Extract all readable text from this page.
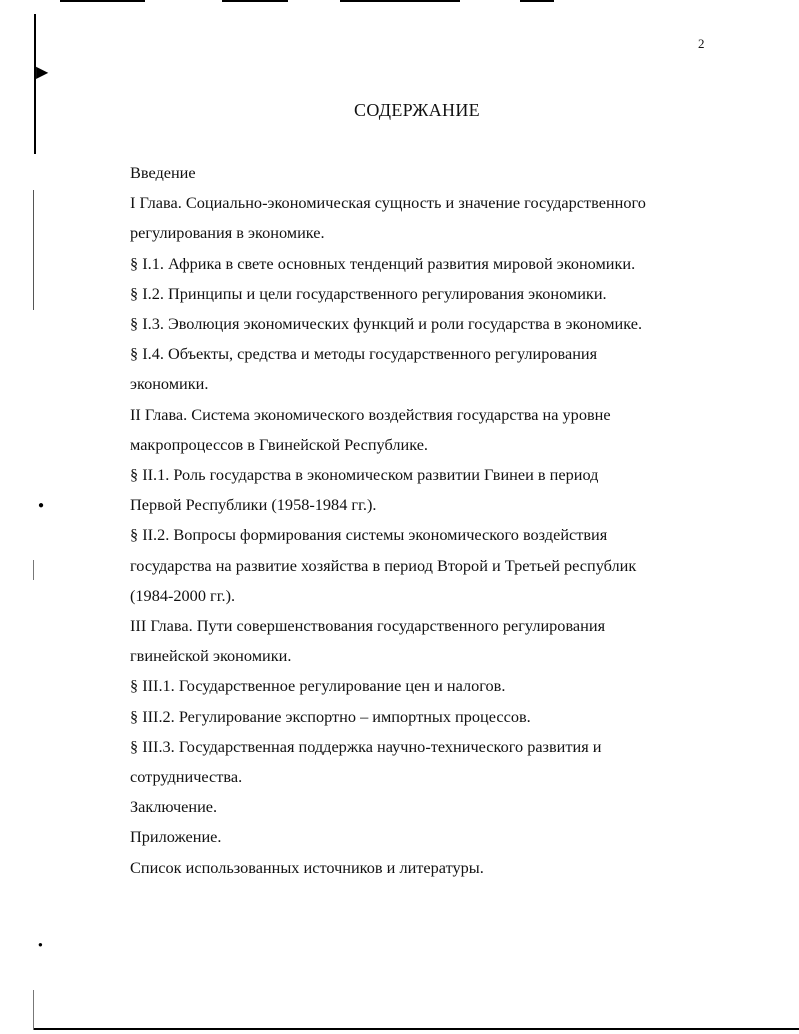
▶
●
●
2
СОДЕРЖАНИЕ
Введение
I Глава. Социально-экономическая сущность и значение государственного
регулирования в экономике.
§ I.1. Африка в свете основных тенденций развития мировой экономики.
§ I.2. Принципы и цели государственного регулирования экономики.
§ I.3. Эволюция экономических функций и роли государства в экономике.
§ I.4. Объекты, средства и методы государственного регулирования
экономики.
II Глава. Система экономического воздействия государства на уровне
макропроцессов в Гвинейской Республике.
§ II.1. Роль государства в экономическом развитии Гвинеи в период
Первой Республики (1958-1984 гг.).
§ II.2. Вопросы формирования системы экономического воздействия
государства на развитие хозяйства в период Второй и Третьей республик
(1984-2000 гг.).
III Глава. Пути совершенствования государственного регулирования
гвинейской экономики.
§ III.1. Государственное регулирование цен и налогов.
§ III.2. Регулирование экспортно – импортных процессов.
§ III.3. Государственная поддержка научно-технического развития и
сотрудничества.
Заключение.
Приложение.
Список использованных источников и литературы.
